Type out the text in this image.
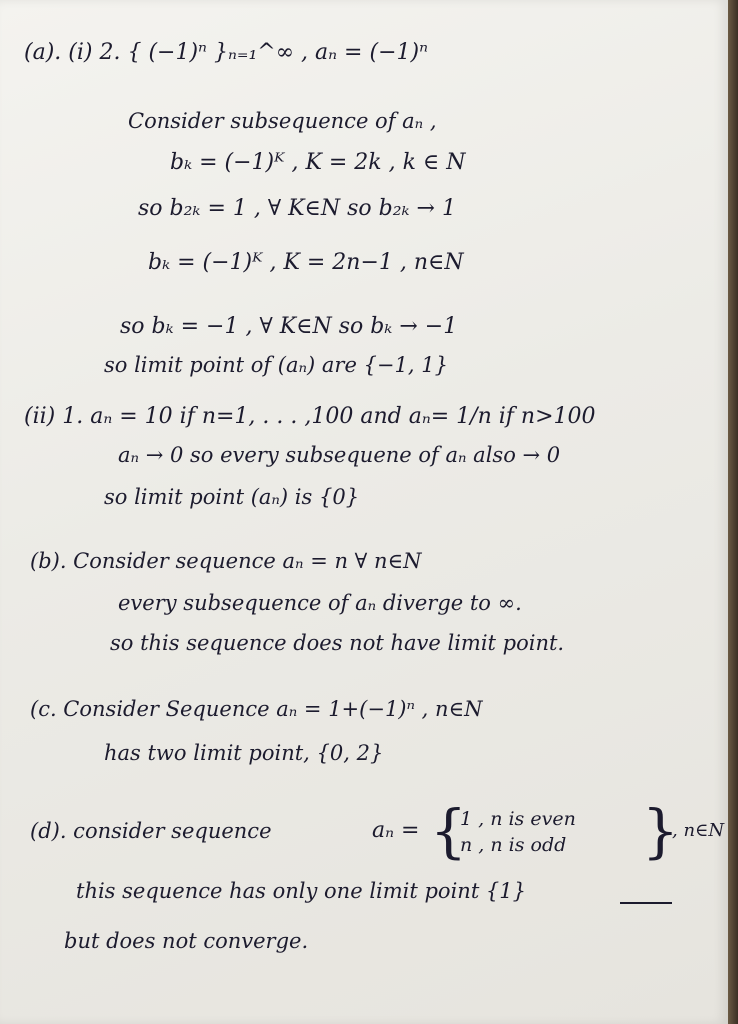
(a). (i) 2. { (−1)ⁿ }ₙ₌₁^∞ , aₙ = (−1)ⁿ
Consider subsequence of aₙ ,
bₖ = (−1)ᴷ , K = 2k , k ∈ N
so b₂ₖ = 1 , ∀ K∈N so b₂ₖ → 1
bₖ = (−1)ᴷ , K = 2n−1 , n∈N
so bₖ = −1 , ∀ K∈N so bₖ → −1
so limit point of (aₙ) are {−1, 1}
(ii) 1. aₙ = 10 if n=1, . . . ,100 and aₙ= 1/n if n>100
aₙ → 0 so every subsequene of aₙ also → 0
so limit point (aₙ) is {0}
(b). Consider sequence aₙ = n ∀ n∈N
every subsequence of aₙ diverge to ∞.
so this sequence does not have limit point.
(c. Consider Sequence aₙ = 1+(−1)ⁿ , n∈N
has two limit point, {0, 2}
(d). consider sequence	aₙ = {
1 , n is even
n , n is odd }
, n∈N
this sequence has only one limit point {1}
but does not converge.
